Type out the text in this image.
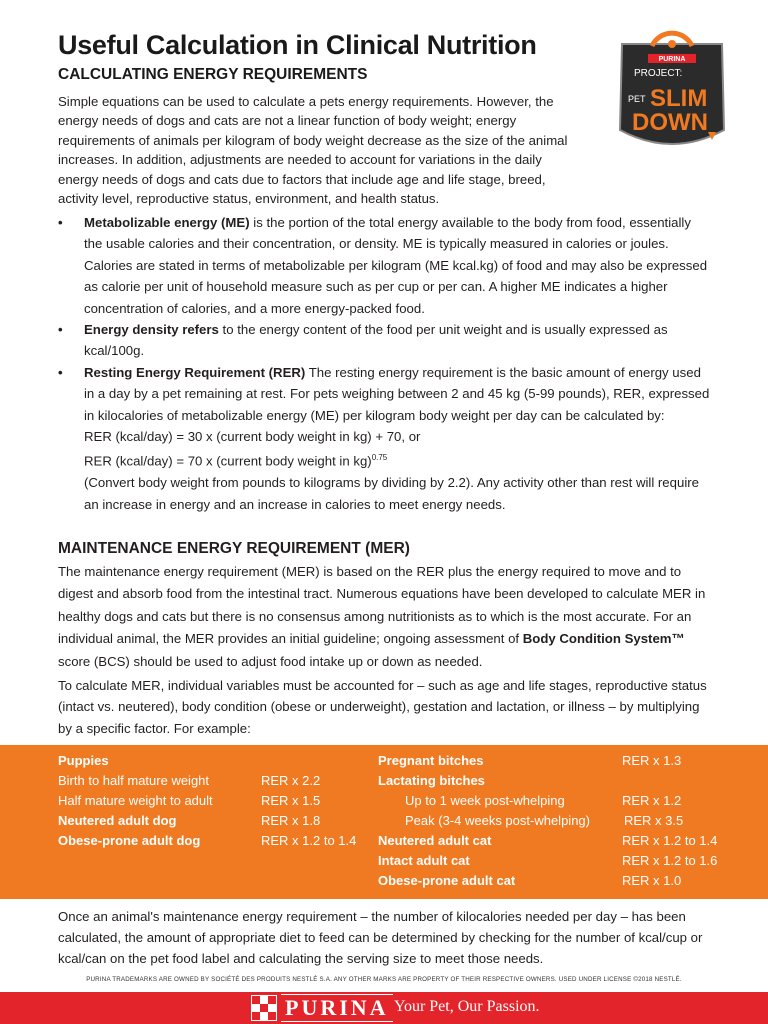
Useful Calculation in Clinical Nutrition
CALCULATING ENERGY REQUIREMENTS
PURINA
PROJECT:
PET SLIM
DOWN

Simple equations can be used to calculate a pets energy requirements. However, the energy needs of dogs and cats are not a linear function of body weight; energy requirements of animals per kilogram of body weight decrease as the size of the animal increases. In addition, adjustments are needed to account for variations in the daily energy needs of dogs and cats due to factors that include age and life stage, breed, activity level, reproductive status, environment, and health status.

• Metabolizable energy (ME) is the portion of the total energy available to the body from food, essentially the usable calories and their concentration, or density. ME is typically measured in calories or joules. Calories are stated in terms of metabolizable per kilogram (ME kcal.kg) of food and may also be expressed as calorie per unit of household measure such as per cup or per can. A higher ME indicates a higher concentration of calories, and a more energy-packed food.
• Energy density refers to the energy content of the food per unit weight and is usually expressed as kcal/100g.
• Resting Energy Requirement (RER) The resting energy requirement is the basic amount of energy used in a day by a pet remaining at rest. For pets weighing between 2 and 45 kg (5-99 pounds), RER, expressed in kilocalories of metabolizable energy (ME) per kilogram body weight per day can be calculated by:
RER (kcal/day) = 30 x (current body weight in kg) + 70, or
RER (kcal/day) = 70 x (current body weight in kg)$^{0.75}$
(Convert body weight from pounds to kilograms by dividing by 2.2). Any activity other than rest will require an increase in energy and an increase in calories to meet energy needs.
MAINTENANCE ENERGY REQUIREMENT (MER)

The maintenance energy requirement (MER) is based on the RER plus the energy required to move and to digest and absorb food from the intestinal tract. Numerous equations have been developed to calculate MER in healthy dogs and cats but there is no consensus among nutritionists as to which is the most accurate. For an individual animal, the MER provides an initial guideline; ongoing assessment of Body Condition System™ score (BCS) should be used to adjust food intake up or down as needed.

To calculate MER, individual variables must be accounted for – such as age and life stages, reproductive status (intact vs. neutered), body condition (obese or underweight), gestation and lactation, or illness – by multiplying by a specific factor. For example:

Puppies
Birth to half mature weight	RER x 2.2
Half mature weight to adult	RER x 1.5
Neutered adult dog	RER x 1.8
Obese-prone adult dog	RER x 1.2 to 1.4
Pregnant bitches	RER x 1.3
Lactating bitches
Up to 1 week post-whelping	RER x 1.2
Peak (3-4 weeks post-whelping)	RER x 3.5
Neutered adult cat	RER x 1.2 to 1.4
Intact adult cat	RER x 1.2 to 1.6
Obese-prone adult cat	RER x 1.0

Once an animal's maintenance energy requirement – the number of kilocalories needed per day – has been calculated, the amount of appropriate diet to feed can be determined by checking for the number of kcal/cup or kcal/can on the pet food label and calculating the serving size to meet those needs.

PURINA TRADEMARKS ARE OWNED BY SOCIÉTÉ DES PRODUITS NESTLÉ S.A. ANY OTHER MARKS ARE PROPERTY OF THEIR RESPECTIVE OWNERS. USED UNDER LICENSE ©2018 NESTLÉ.
PURINA Your Pet, Our Passion.
